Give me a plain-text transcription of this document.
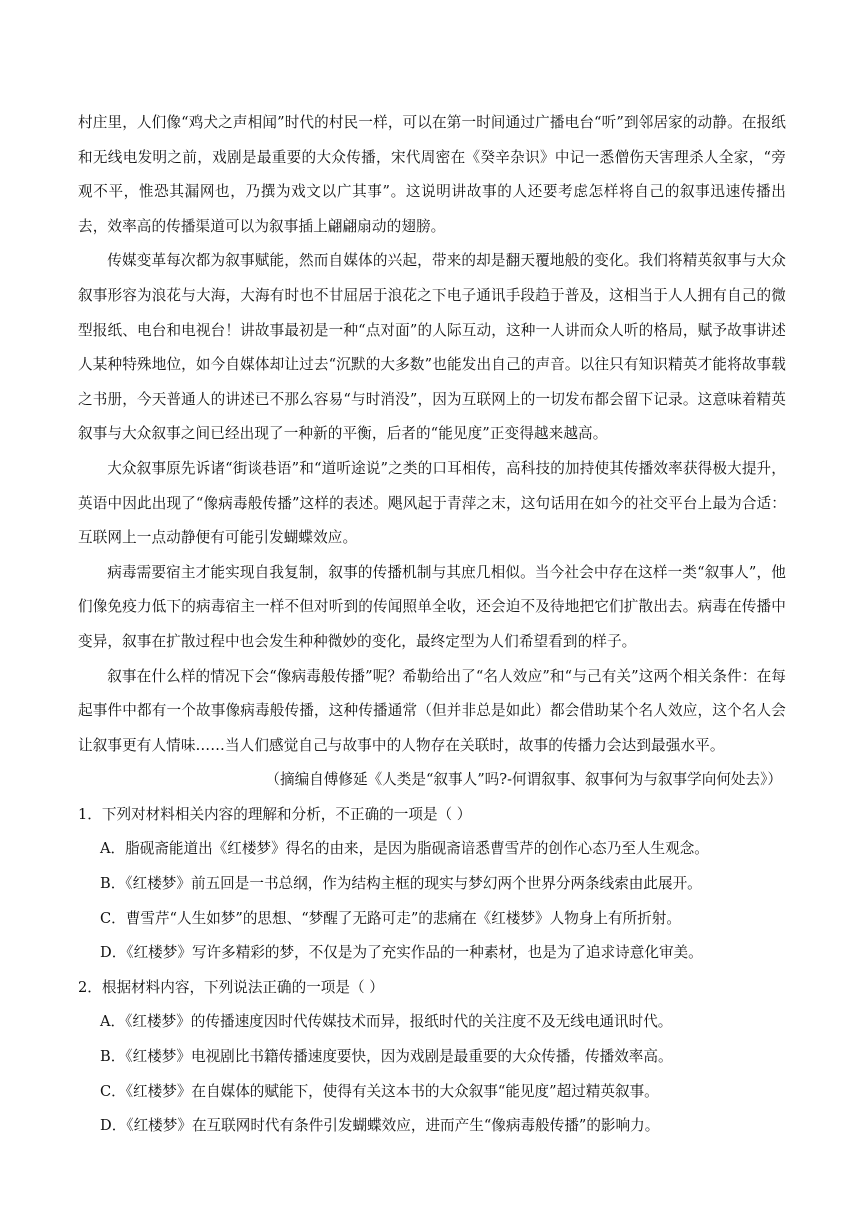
村庄里，人们像“鸡犬之声相闻”时代的村民一样，可以在第一时间通过广播电台“听”到邻居家的动静。在报纸和无线电发明之前，戏剧是最重要的大众传播，宋代周密在《癸辛杂识》中记一悉僧伤天害理杀人全家，“旁观不平，惟恐其漏网也，乃撰为戏文以广其事”。这说明讲故事的人还要考虑怎样将自己的叙事迅速传播出去，效率高的传播渠道可以为叙事插上翩翩扇动的翅膀。

传媒变革每次都为叙事赋能，然而自媒体的兴起，带来的却是翻天覆地般的变化。我们将精英叙事与大众叙事形容为浪花与大海，大海有时也不甘屈居于浪花之下电子通讯手段趋于普及，这相当于人人拥有自己的微型报纸、电台和电视台！讲故事最初是一种“点对面”的人际互动，这种一人讲而众人听的格局，赋予故事讲述人某种特殊地位，如今自媒体却让过去“沉默的大多数”也能发出自己的声音。以往只有知识精英才能将故事载之书册，今天普通人的讲述已不那么容易“与时消没”，因为互联网上的一切发布都会留下记录。这意味着精英叙事与大众叙事之间已经出现了一种新的平衡，后者的“能见度”正变得越来越高。

大众叙事原先诉诸“街谈巷语”和“道听途说”之类的口耳相传，高科技的加持使其传播效率获得极大提升，英语中因此出现了“像病毒般传播”这样的表述。飓风起于青萍之末，这句话用在如今的社交平台上最为合适：互联网上一点动静便有可能引发蝴蝶效应。

病毒需要宿主才能实现自我复制，叙事的传播机制与其庶几相似。当今社会中存在这样一类“叙事人”，他们像免疫力低下的病毒宿主一样不但对听到的传闻照单全收，还会迫不及待地把它们扩散出去。病毒在传播中变异，叙事在扩散过程中也会发生种种微妙的变化，最终定型为人们希望看到的样子。

叙事在什么样的情况下会“像病毒般传播”呢？希勒给出了“名人效应”和“与己有关”这两个相关条件：在每起事件中都有一个故事像病毒般传播，这种传播通常（但并非总是如此）都会借助某个名人效应，这个名人会让叙事更有人情味……当人们感觉自己与故事中的人物存在关联时，故事的传播力会达到最强水平。

（摘编自傅修延《人类是“叙事人”吗?-何谓叙事、叙事何为与叙事学向何处去》）

1．下列对材料相关内容的理解和分析，不正确的一项是（ ）

A．脂砚斋能道出《红楼梦》得名的由来，是因为脂砚斋谙悉曹雪芹的创作心态乃至人生观念。

B．《红楼梦》前五回是一书总纲，作为结构主框的现实与梦幻两个世界分两条线索由此展开。

C．曹雪芹“人生如梦”的思想、“梦醒了无路可走”的悲痛在《红楼梦》人物身上有所折射。

D．《红楼梦》写许多精彩的梦，不仅是为了充实作品的一种素材，也是为了追求诗意化审美。

2．根据材料内容，下列说法正确的一项是（ ）

A．《红楼梦》的传播速度因时代传媒技术而异，报纸时代的关注度不及无线电通讯时代。

B．《红楼梦》电视剧比书籍传播速度要快，因为戏剧是最重要的大众传播，传播效率高。

C．《红楼梦》在自媒体的赋能下，使得有关这本书的大众叙事“能见度”超过精英叙事。

D．《红楼梦》在互联网时代有条件引发蝴蝶效应，进而产生“像病毒般传播”的影响力。
